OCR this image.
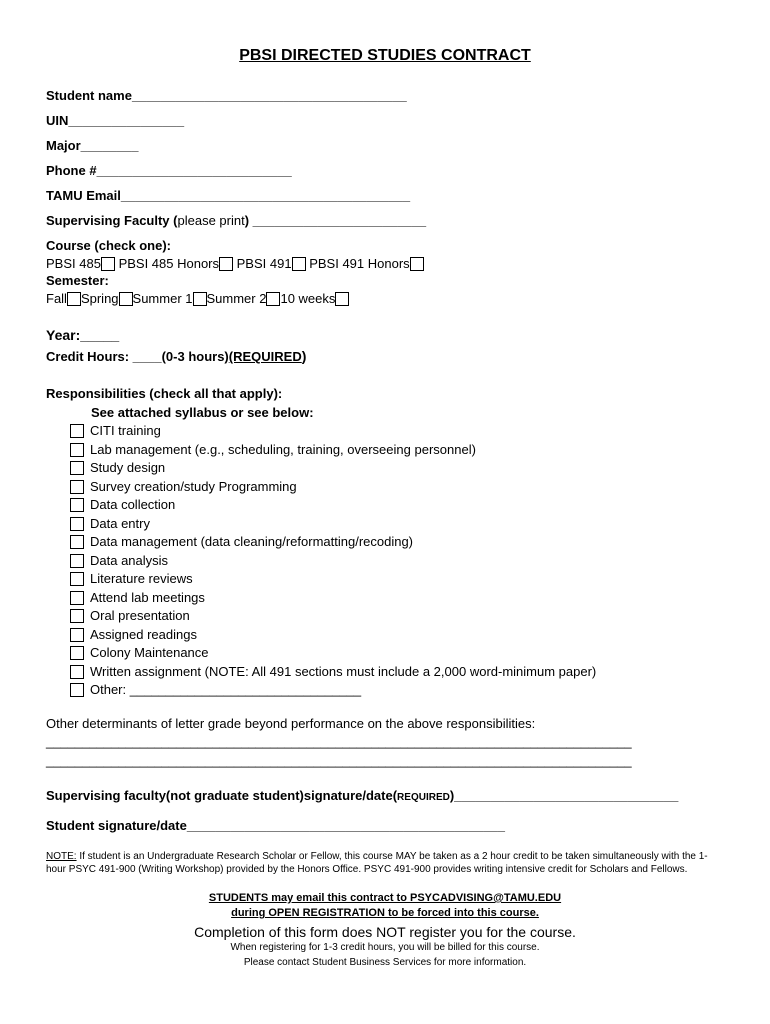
PBSI DIRECTED STUDIES CONTRACT
Student name______________________________________
UIN________________
Major________
Phone #___________________________
TAMU Email________________________________________
Supervising Faculty (please print) ________________________
Course (check one):
PBSI 485 PBSI 485 Honors PBSI 491 PBSI 491 Honors
Semester:
Fall Spring Summer 1 Summer 2 10 weeks
Year:_____
Credit Hours: ____(0-3 hours)(REQUIRED)
Responsibilities (check all that apply):
See attached syllabus or see below:
CITI training
Lab management (e.g., scheduling, training, overseeing personnel)
Study design
Survey creation/study Programming
Data collection
Data entry
Data management (data cleaning/reformatting/recoding)
Data analysis
Literature reviews
Attend lab meetings
Oral presentation
Assigned readings
Colony Maintenance
Written assignment (NOTE: All 491 sections must include a 2,000 word-minimum paper)
Other: ________________________________
Other determinants of letter grade beyond performance on the above responsibilities:
_________________________________________________________________________________
_________________________________________________________________________________
Supervising faculty(not graduate student)signature/date(REQUIRED)_______________________________
Student signature/date____________________________________________
NOTE: If student is an Undergraduate Research Scholar or Fellow, this course MAY be taken as a 2 hour credit to be taken simultaneously with the 1-hour PSYC 491-900 (Writing Workshop) provided by the Honors Office. PSYC 491-900 provides writing intensive credit for Scholars and Fellows.
STUDENTS may email this contract to PSYCADVISING@TAMU.EDU
during OPEN REGISTRATION to be forced into this course.
Completion of this form does NOT register you for the course.
When registering for 1-3 credit hours, you will be billed for this course.
Please contact Student Business Services for more information.
